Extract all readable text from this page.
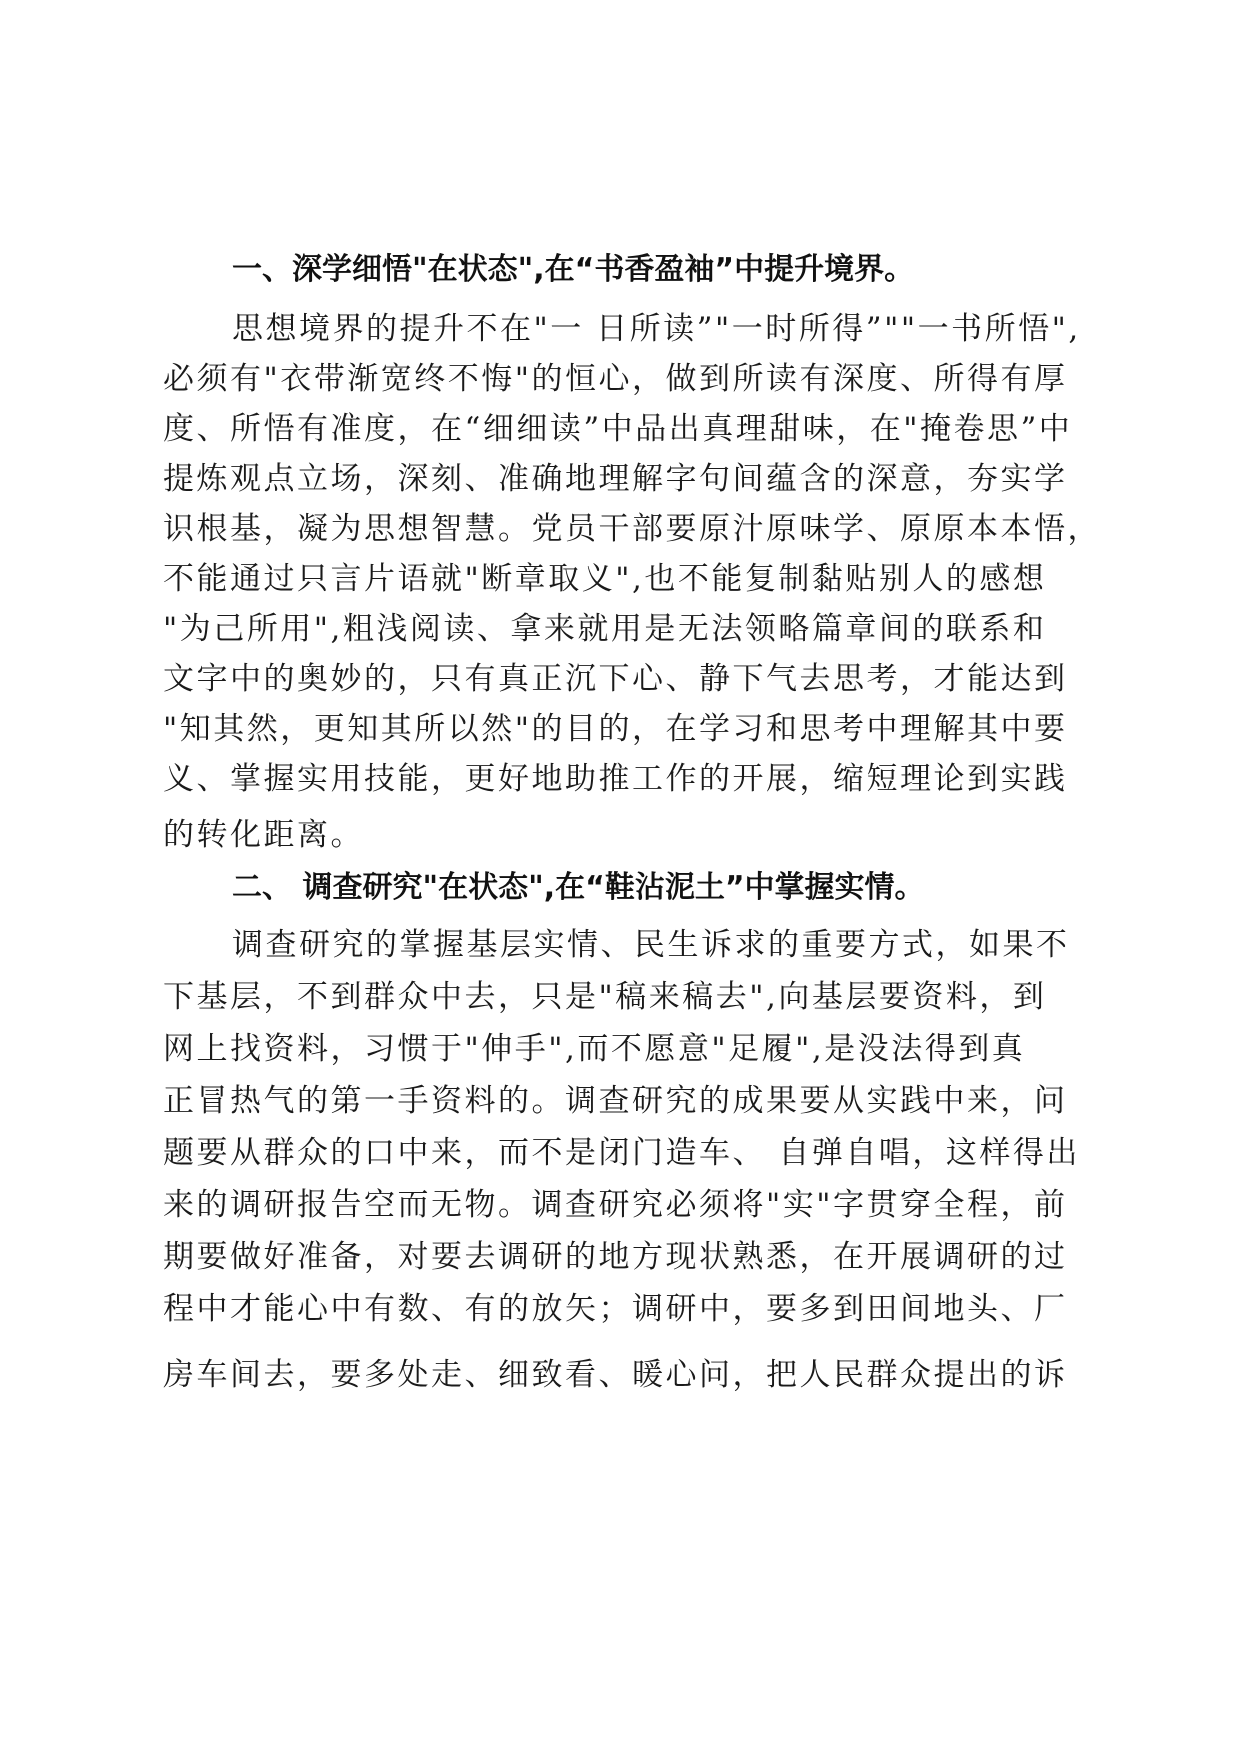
一、深学细悟"在状态",在“书香盈袖”中提升境界。
思想境界的提升不在"一 日所读”"一时所得”""一书所悟",
必须有"衣带渐宽终不悔"的恒心，做到所读有深度、所得有厚
度、所悟有准度，在“细细读”中品出真理甜味，在"掩卷思”中
提炼观点立场，深刻、准确地理解字句间蕴含的深意，夯实学
识根基，凝为思想智慧。党员干部要原汁原味学、原原本本悟，
不能通过只言片语就"断章取义",也不能复制黏贴别人的感想
"为己所用",粗浅阅读、拿来就用是无法领略篇章间的联系和
文字中的奥妙的，只有真正沉下心、静下气去思考，才能达到
"知其然，更知其所以然"的目的，在学习和思考中理解其中要
义、掌握实用技能，更好地助推工作的开展，缩短理论到实践
的转化距离。
二、 调查研究"在状态",在“鞋沾泥土”中掌握实情。
调查研究的掌握基层实情、民生诉求的重要方式，如果不
下基层，不到群众中去，只是"稿来稿去",向基层要资料，到
网上找资料，习惯于"伸手",而不愿意"足履",是没法得到真
正冒热气的第一手资料的。调查研究的成果要从实践中来，问
题要从群众的口中来，而不是闭门造车、 自弹自唱，这样得出
来的调研报告空而无物。调查研究必须将"实"字贯穿全程，前
期要做好准备，对要去调研的地方现状熟悉，在开展调研的过
程中才能心中有数、有的放矢；调研中，要多到田间地头、厂
房车间去，要多处走、细致看、暖心问，把人民群众提出的诉
